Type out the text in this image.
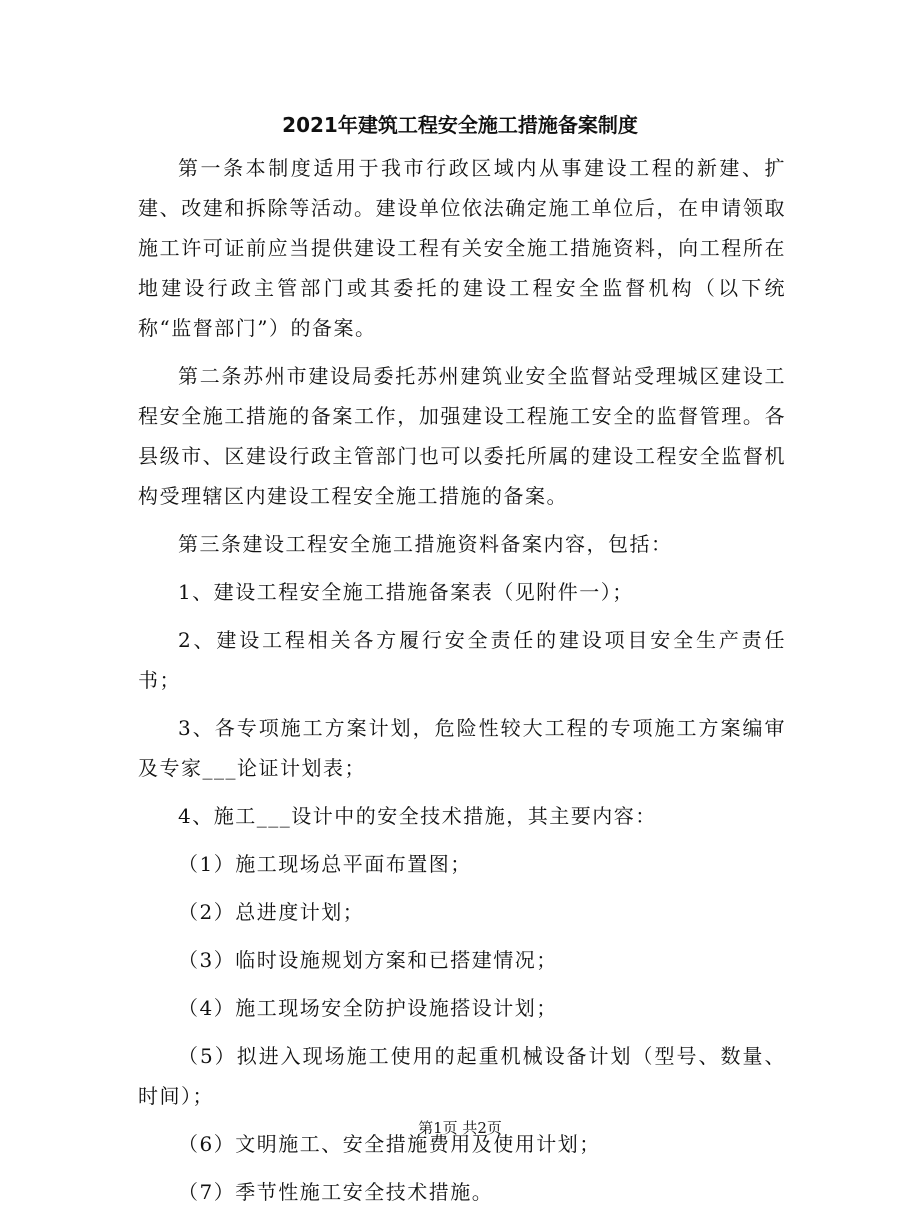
2021年建筑工程安全施工措施备案制度

第一条本制度适用于我市行政区域内从事建设工程的新建、扩建、改建和拆除等活动。建设单位依法确定施工单位后，在申请领取施工许可证前应当提供建设工程有关安全施工措施资料，向工程所在地建设行政主管部门或其委托的建设工程安全监督机构（以下统称“监督部门”）的备案。

第二条苏州市建设局委托苏州建筑业安全监督站受理城区建设工程安全施工措施的备案工作，加强建设工程施工安全的监督管理。各县级市、区建设行政主管部门也可以委托所属的建设工程安全监督机构受理辖区内建设工程安全施工措施的备案。

第三条建设工程安全施工措施资料备案内容，包括：

1、建设工程安全施工措施备案表（见附件一）；

2、建设工程相关各方履行安全责任的建设项目安全生产责任书；

3、各专项施工方案计划，危险性较大工程的专项施工方案编审及专家___论证计划表；

4、施工___设计中的安全技术措施，其主要内容：

（1）施工现场总平面布置图；

（2）总进度计划；

（3）临时设施规划方案和已搭建情况；

（4）施工现场安全防护设施搭设计划；

（5）拟进入现场施工使用的起重机械设备计划（型号、数量、时间）；

（6）文明施工、安全措施费用及使用计划；

（7）季节性施工安全技术措施。

第1页 共2页
